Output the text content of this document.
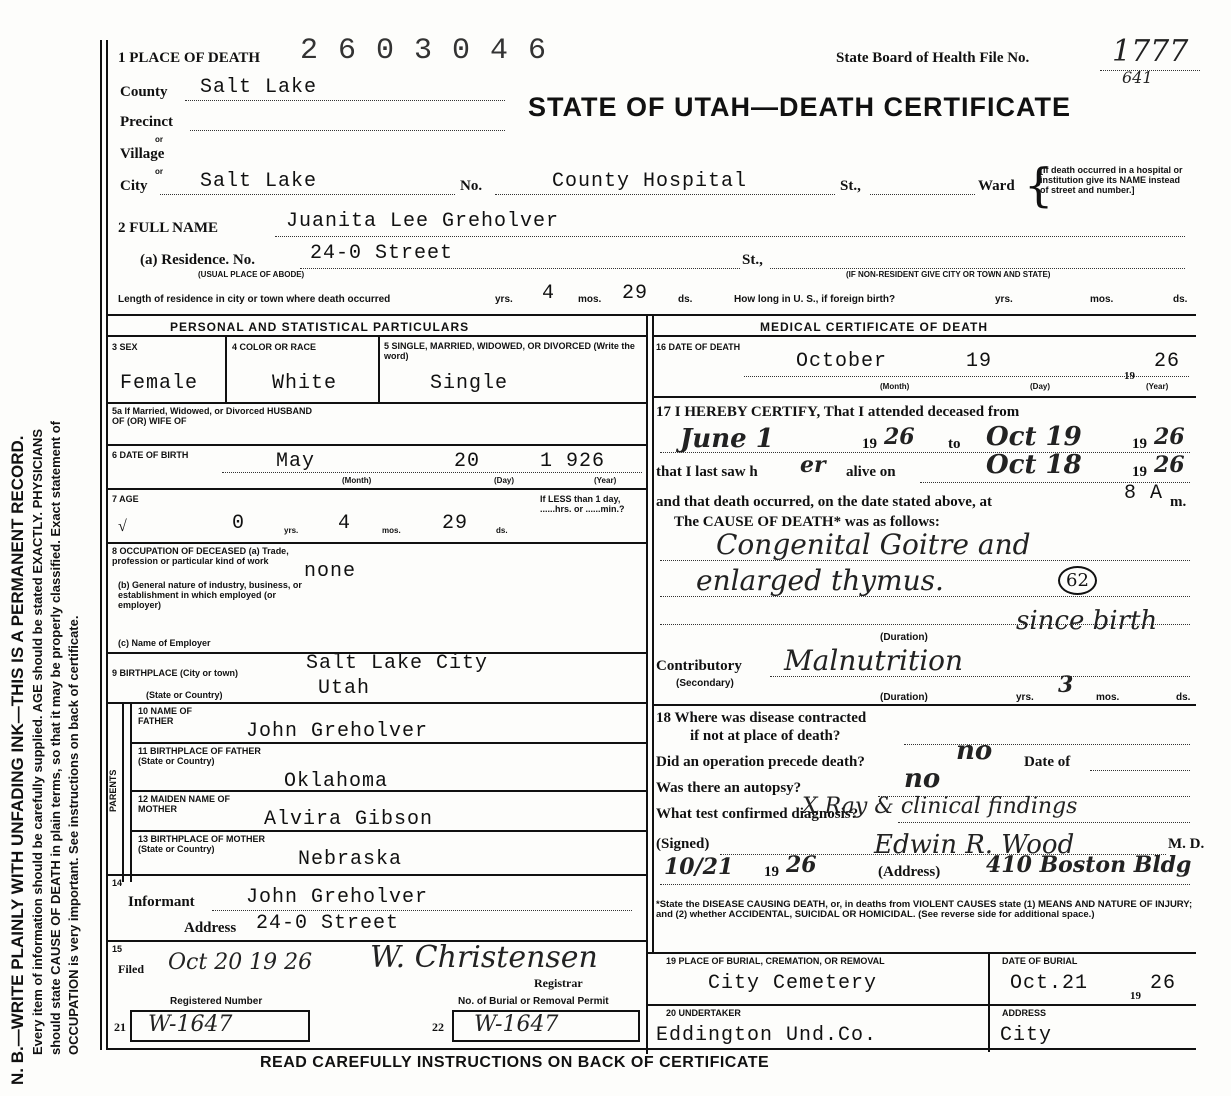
N. B.—WRITE PLAINLY WITH UNFADING INK—THIS IS A PERMANENT RECORD. Every item of information should be carefully supplied. AGE should be stated EXACTLY. PHYSICIANS should state CAUSE OF DEATH in plain terms, so that it may be properly classified. Exact statement of OCCUPATION is very important. See instructions on back of certificate.
1 PLACE OF DEATH 2 6 0 3 0 4 6	State Board of Health File No.	1777
641
STATE OF UTAH—DEATH CERTIFICATE
County Salt Lake
Precinct
or
Village
or
City	Salt Lake	No.	County Hospital	St.,	Ward {
[If death occurred in a hospital or institution give its NAME instead of street and number.]
2 FULL NAME	Juanita Lee Greholver
(a) Residence. No.	24-0 Street	St.,
(USUAL PLACE OF ABODE)	(IF NON-RESIDENT GIVE CITY OR TOWN AND STATE)
Length of residence in city or town where death occurred	yrs. 4 mos. 29	ds.	How long in U. S., if foreign birth?	yrs.	mos.	ds.
PERSONAL AND STATISTICAL PARTICULARS
3 SEX
Female
4 COLOR OR RACE
White
5 SINGLE, MARRIED, WIDOWED, OR DIVORCED (Write the word)
Single
5a If Married, Widowed, or Divorced HUSBAND OF (OR) WIFE OF
6 DATE OF BIRTH	May	20	1 926
(Month)	(Day)	(Year)
7 AGE
√	0	yrs. 4	mos. 29	ds.
If LESS than 1 day, ......hrs. or ......min.?
8 OCCUPATION OF DECEASED (a) Trade, profession or particular kind of work	none
(b) General nature of industry, business, or establishment in which employed (or employer)
(c) Name of Employer
9 BIRTHPLACE (City or town)	Salt Lake City
(State or Country)	Utah
PARENTS
10 NAME OF FATHER	John Greholver
11 BIRTHPLACE OF FATHER (State or Country)
Oklahoma
12 MAIDEN NAME OF MOTHER	Alvira Gibson
13 BIRTHPLACE OF MOTHER (State or Country)	Nebraska
14
Informant	John Greholver
Address 24-0 Street
15
Filed Oct 20 19 26 W. Christensen
Registrar
Registered Number	No. of Burial or Removal Permit
21 W-1647	22 W-1647
MEDICAL CERTIFICATE OF DEATH
16 DATE OF DEATH
October	19	26
19
(Month)	(Day)	(Year)
17 I HEREBY CERTIFY, That I attended deceased from
June 1	19 26 to Oct 19	19 26
that I last saw h er alive on	Oct 18	19 26
and that death occurred, on the date stated above, at	8 A m.
The CAUSE OF DEATH* was as follows:
Congenital Goitre and
enlarged thymus.	62
(Duration)
since birth
Contributory
(Secondary)
Malnutrition
(Duration)	yrs. 3 mos.	ds.
18 Where was disease contracted
if not at place of death?
Did an operation precede death?	no Date of
Was there an autopsy?	no
What test confirmed diagnosis?
X Ray & clinical findings
(Signed)	Edwin R. Wood	M. D.
10/21 19 26	(Address) 410 Boston Bldg
*State the DISEASE CAUSING DEATH, or, in deaths from VIOLENT CAUSES state (1) MEANS AND NATURE OF INJURY; and (2) whether ACCIDENTAL, SUICIDAL OR HOMICIDAL. (See reverse side for additional space.)
19 PLACE OF BURIAL, CREMATION, OR REMOVAL
City Cemetery
DATE OF BURIAL
Oct.21
19
26
20 UNDERTAKER
Eddington Und.Co.
ADDRESS
City
READ CAREFULLY INSTRUCTIONS ON BACK OF CERTIFICATE
